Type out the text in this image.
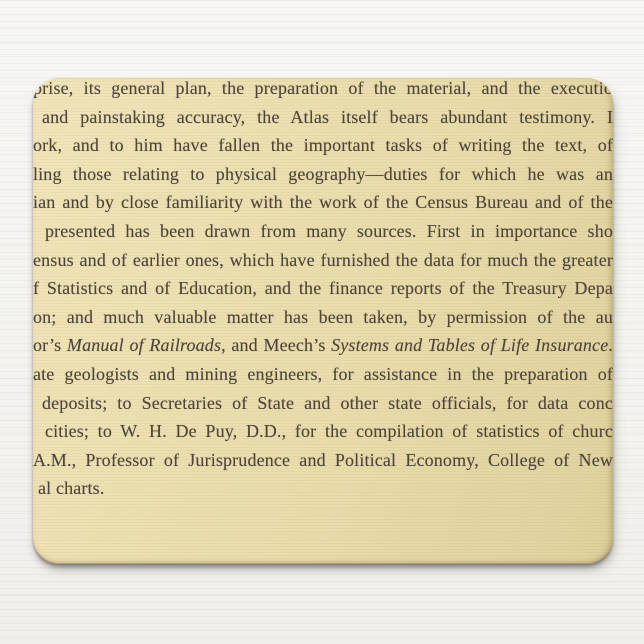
prise, its general plan, the preparation of the material, and the executio
and painstaking accuracy, the Atlas itself bears abundant testimony. I
ork, and to him have fallen the important tasks of writing the text, of
ling those relating to physical geography—duties for which he was an
ian and by close familiarity with the work of the Census Bureau and of the
presented has been drawn from many sources. First in importance sho
ensus and of earlier ones, which have furnished the data for much the greater
f Statistics and of Education, and the finance reports of the Treasury Depa
on; and much valuable matter has been taken, by permission of the au
or’s Manual of Railroads, and Meech’s Systems and Tables of Life Insurance.
ate geologists and mining engineers, for assistance in the preparation of
deposits; to Secretaries of State and other state officials, for data conc
cities; to W. H. De Puy, D.D., for the compilation of statistics of churc
A.M., Professor of Jurisprudence and Political Economy, College of New
al charts.
